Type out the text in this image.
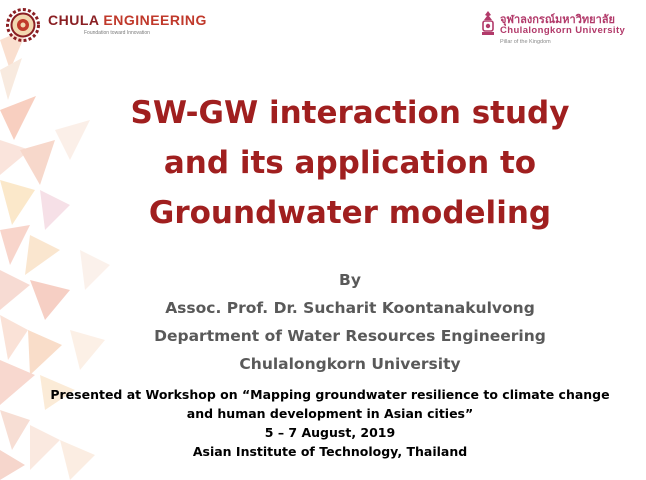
CHULA ENGINEERING
Foundation toward Innovation
จุฬาลงกรณ์มหาวิทยาลัย
Chulalongkorn University
Pillar of the Kingdom
SW-GW interaction study
and its application to
Groundwater modeling
By
Assoc. Prof. Dr. Sucharit Koontanakulvong
Department of Water Resources Engineering
Chulalongkorn University
Presented at Workshop on “Mapping groundwater resilience to climate change
and human development in Asian cities”
5 – 7 August, 2019
Asian Institute of Technology, Thailand
